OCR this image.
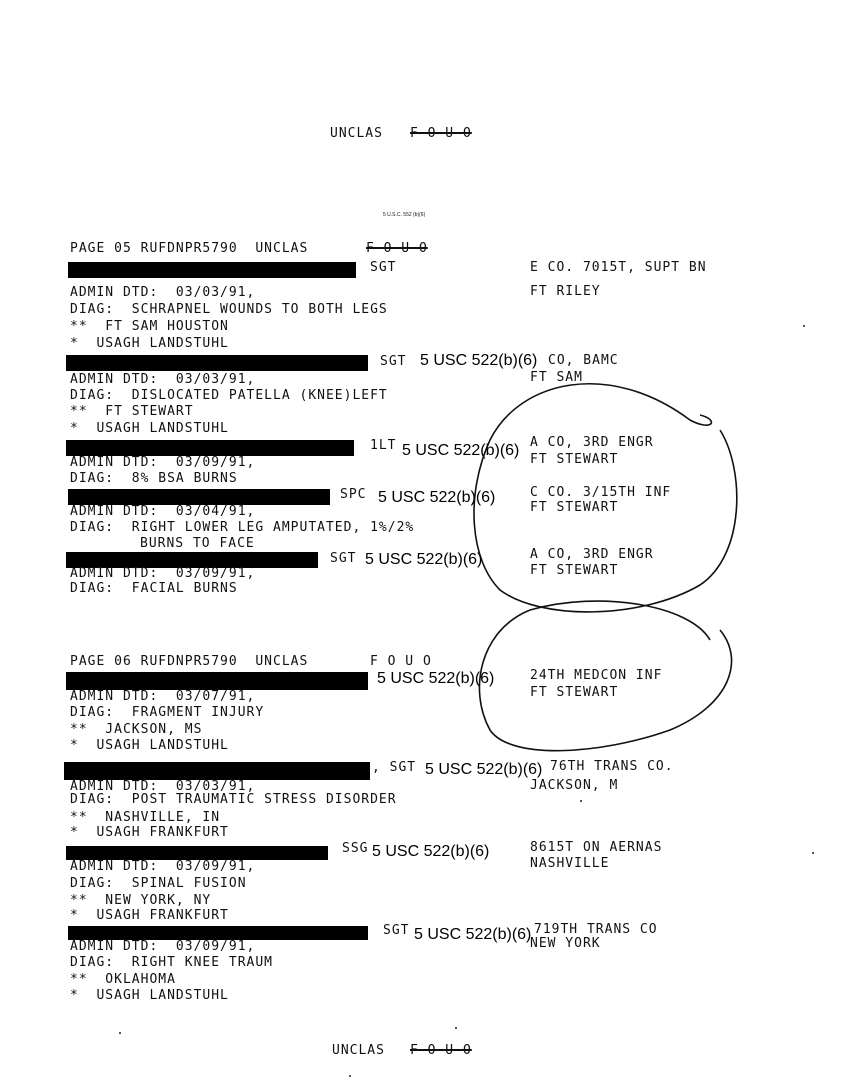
UNCLAS F O U O
5 U.S.C. 552 (b)(6)
PAGE 05 RUFDNPR5790  UNCLAS	F O U O
SGT	E CO. 7015T, SUPT BN
ADMIN DTD:  03/03/91,	FT RILEY
DIAG:  SCHRAPNEL WOUNDS TO BOTH LEGS
**  FT SAM HOUSTON
*  USAGH LANDSTUHL
SGT 5 USC 522(b)(6) CO, BAMC
FT SAM
ADMIN DTD:  03/03/91,
DIAG:  DISLOCATED PATELLA (KNEE)LEFT
**  FT STEWART
*  USAGH LANDSTUHL
1LT 5 USC 522(b)(6) A CO, 3RD ENGR
FT STEWART
ADMIN DTD:  03/09/91,
DIAG:  8% BSA BURNS
SPC 5 USC 522(b)(6)	C CO. 3/15TH INF
FT STEWART
ADMIN DTD:  03/04/91,
DIAG:  RIGHT LOWER LEG AMPUTATED, 1%/2%
BURNS TO FACE
SGT 5 USC 522(b)(6)	A CO, 3RD ENGR
FT STEWART
ADMIN DTD:  03/09/91,
DIAG:  FACIAL BURNS
PAGE 06 RUFDNPR5790  UNCLAS	F O U O
5 USC 522(b)(6)	24TH MEDCON INF
FT STEWART
ADMIN DTD:  03/07/91,
DIAG:  FRAGMENT INJURY
**  JACKSON, MS
*  USAGH LANDSTUHL
, SGT 5 USC 522(b)(6) 76TH TRANS CO.
JACKSON, M
ADMIN DTD:  03/03/91,
DIAG:  POST TRAUMATIC STRESS DISORDER
**  NASHVILLE, IN
*  USAGH FRANKFURT
SSG 5 USC 522(b)(6)	8615T ON AERNAS
NASHVILLE
ADMIN DTD:  03/09/91,
DIAG:  SPINAL FUSION
**  NEW YORK, NY
*  USAGH FRANKFURT
SGT 5 USC 522(b)(6) 719TH TRANS CO
NEW YORK
ADMIN DTD:  03/09/91,
DIAG:  RIGHT KNEE TRAUM
**  OKLAHOMA
*  USAGH LANDSTUHL
UNCLAS F O U O
